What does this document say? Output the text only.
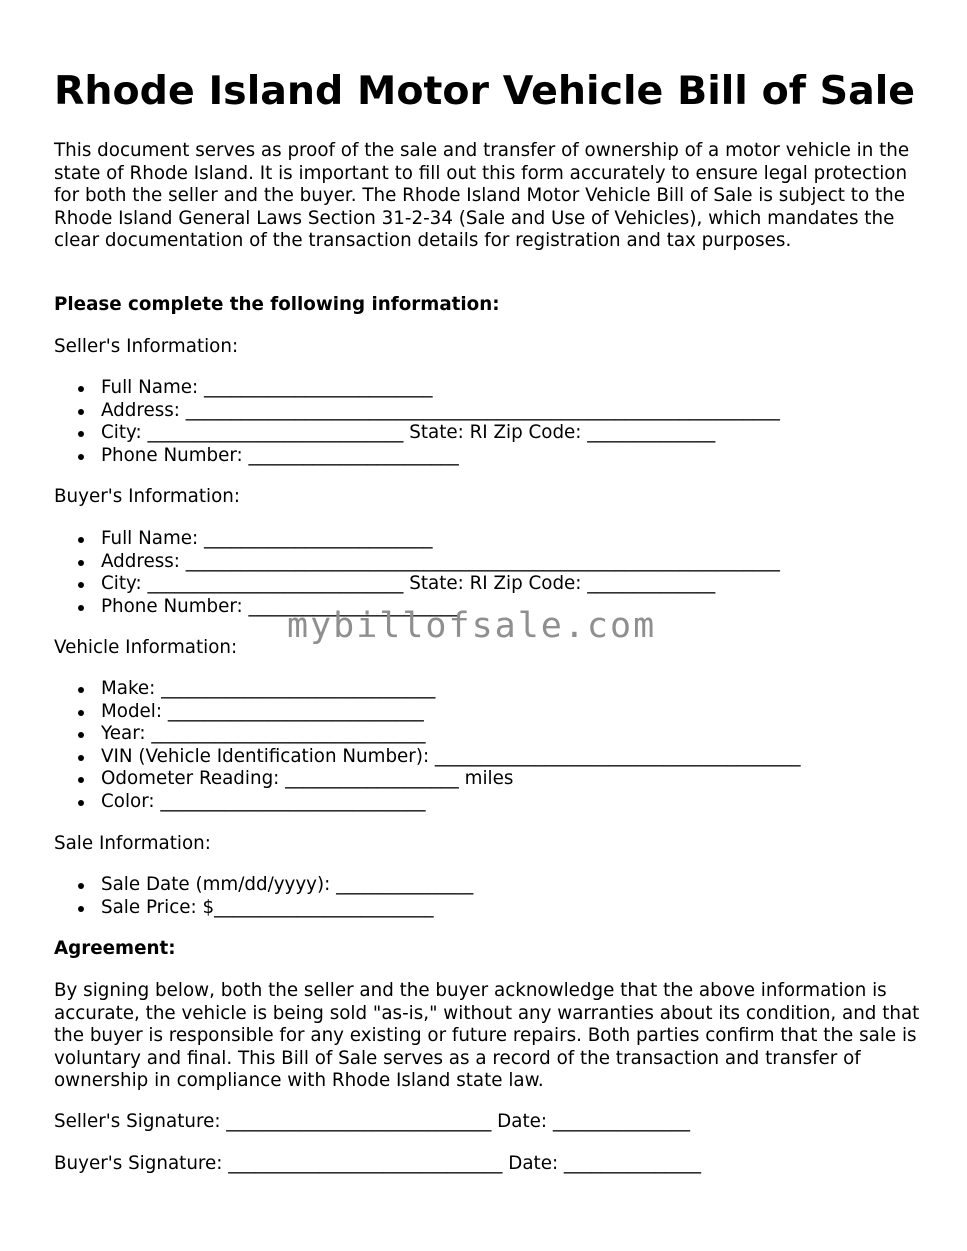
Rhode Island Motor Vehicle Bill of Sale

This document serves as proof of the sale and transfer of ownership of a motor vehicle in the state of Rhode Island. It is important to fill out this form accurately to ensure legal protection for both the seller and the buyer. The Rhode Island Motor Vehicle Bill of Sale is subject to the Rhode Island General Laws Section 31-2-34 (Sale and Use of Vehicles), which mandates the clear documentation of the transaction details for registration and tax purposes.

Please complete the following information:

Seller's Information:

Full Name: _________________________
Address: _________________________________________________________________
City: ____________________________ State: RI Zip Code: ______________
Phone Number: _______________________

Buyer's Information:

Full Name: _________________________
Address: _________________________________________________________________
City: ____________________________ State: RI Zip Code: ______________
Phone Number: _______________________

Vehicle Information:

Make: ______________________________
Model: ____________________________
Year: ______________________________
VIN (Vehicle Identification Number): ________________________________________
Odometer Reading: ___________________ miles
Color: _____________________________

Sale Information:

Sale Date (mm/dd/yyyy): _______________
Sale Price: $________________________

Agreement:

By signing below, both the seller and the buyer acknowledge that the above information is accurate, the vehicle is being sold "as-is," without any warranties about its condition, and that the buyer is responsible for any existing or future repairs. Both parties confirm that the sale is voluntary and final. This Bill of Sale serves as a record of the transaction and transfer of ownership in compliance with Rhode Island state law.

Seller's Signature: _____________________________ Date: _______________

Buyer's Signature: ______________________________ Date: _______________

mybillofsale.com
